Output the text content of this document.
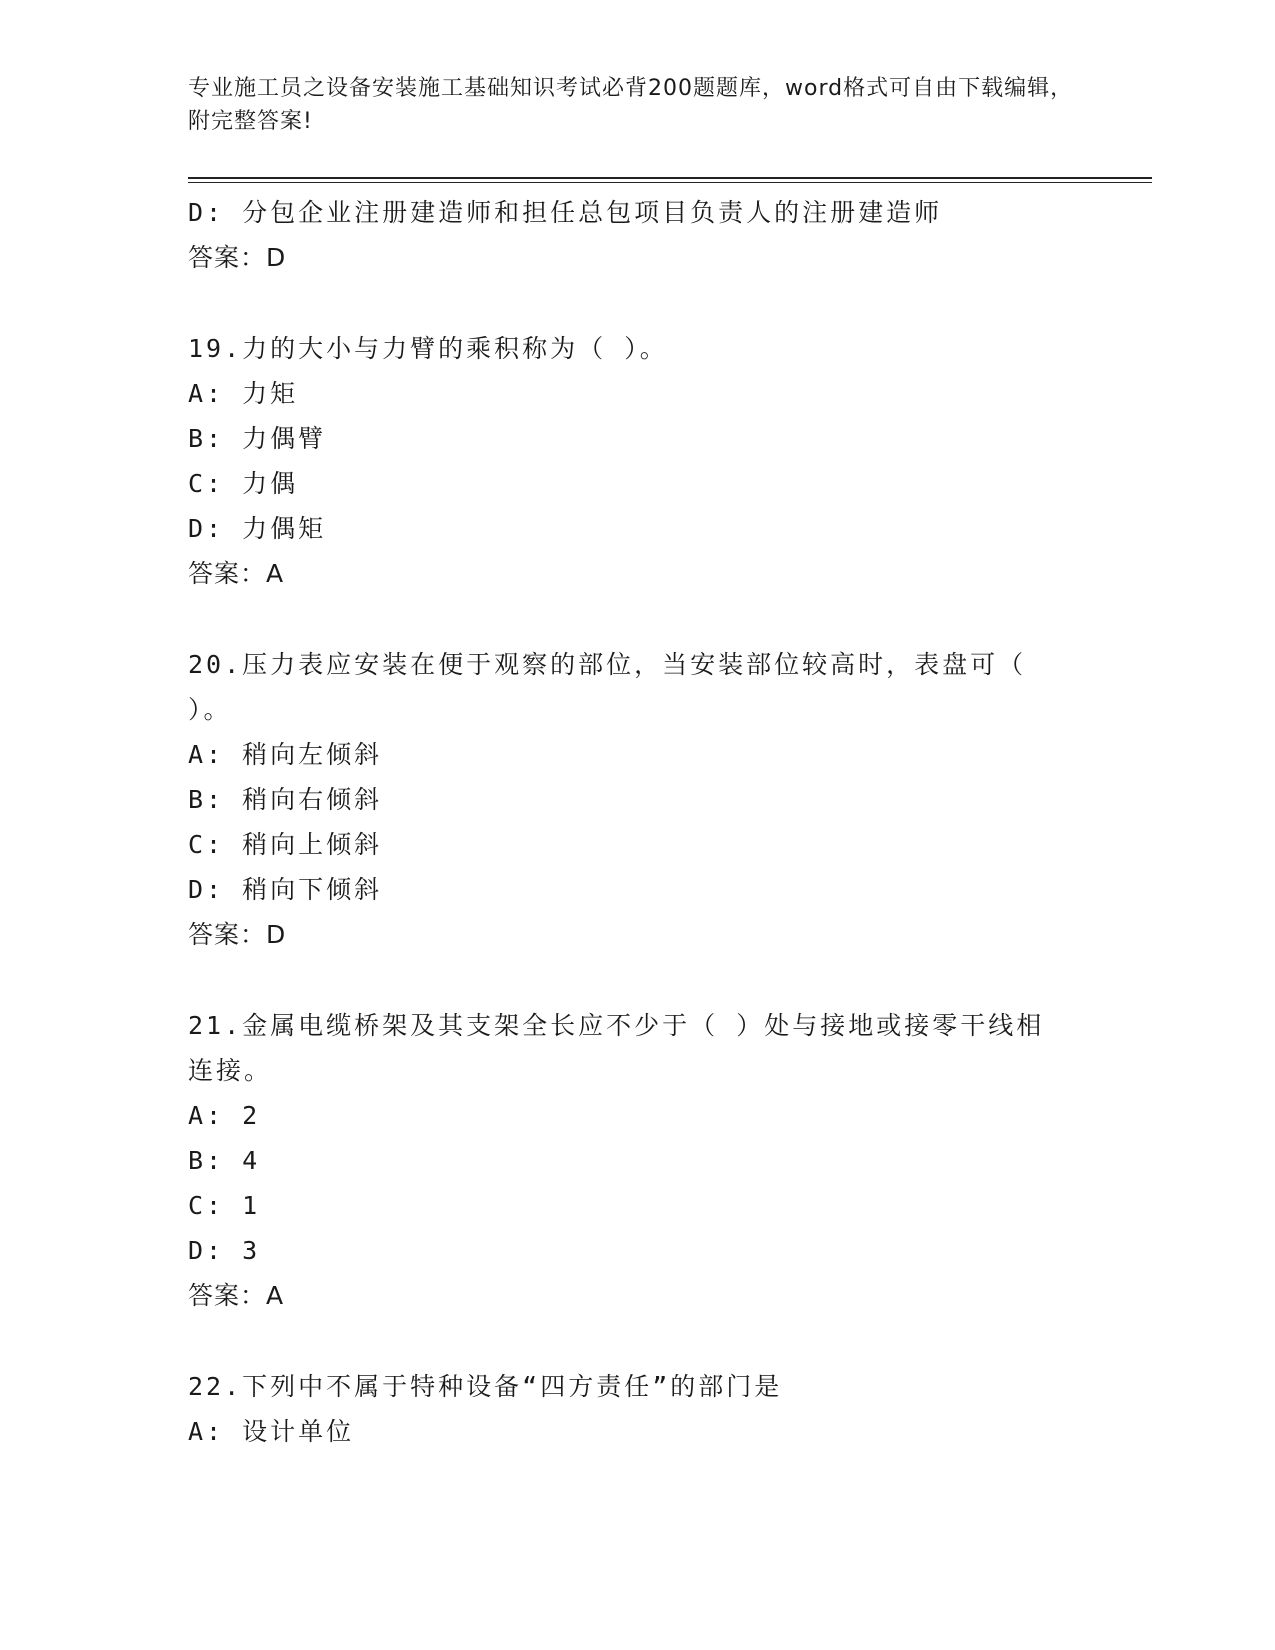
专业施工员之设备安装施工基础知识考试必背200题题库，word格式可自由下载编辑，附完整答案!
D: 分包企业注册建造师和担任总包项目负责人的注册建造师
答案：D
19.力的大小与力臂的乘积称为（ ）。
A: 力矩
B: 力偶臂
C: 力偶
D: 力偶矩
答案：A
20.压力表应安装在便于观察的部位，当安装部位较高时，表盘可（ ）。
A: 稍向左倾斜
B: 稍向右倾斜
C: 稍向上倾斜
D: 稍向下倾斜
答案：D
21.金属电缆桥架及其支架全长应不少于（ ）处与接地或接零干线相连接。
A: 2
B: 4
C: 1
D: 3
答案：A
22.下列中不属于特种设备“四方责任”的部门是
A: 设计单位
